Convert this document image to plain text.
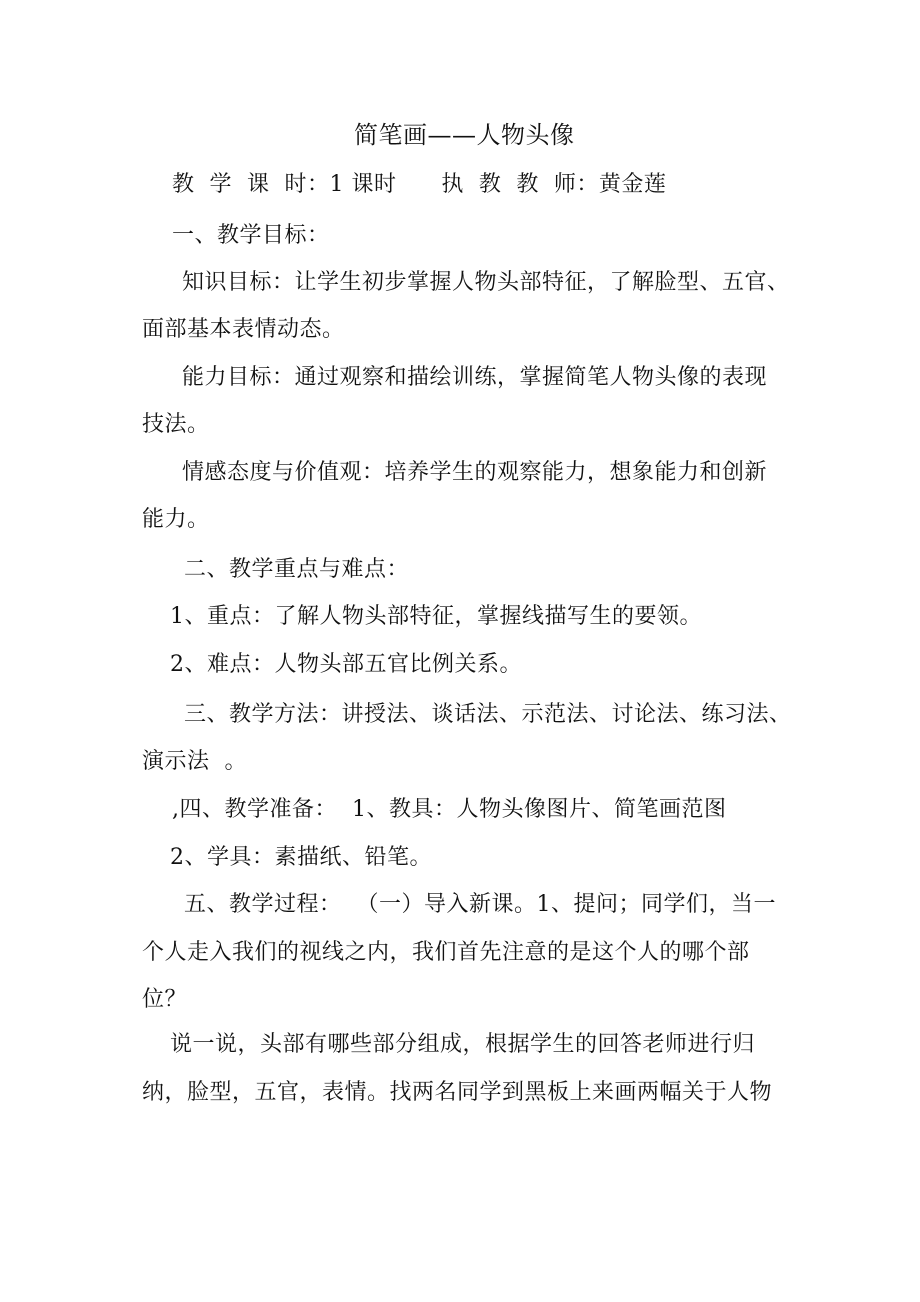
简笔画——人物头像
教  学  课  时：1 课时      执  教  教  师：黄金莲
一、教学目标：
知识目标：让学生初步掌握人物头部特征，了解脸型、五官、
面部基本表情动态。
能力目标：通过观察和描绘训练，掌握简笔人物头像的表现
技法。
情感态度与价值观：培养学生的观察能力，想象能力和创新
能力。
二、教学重点与难点：
1、重点：了解人物头部特征，掌握线描写生的要领。
2、难点：人物头部五官比例关系。
三、教学方法：讲授法、谈话法、示范法、讨论法、练习法、
演示法  。
,四、教学准备：  1、教具：人物头像图片、简笔画范图
2、学具：素描纸、铅笔。
五、教学过程：  （一）导入新课。1、提问；同学们，当一
个人走入我们的视线之内，我们首先注意的是这个人的哪个部
位？
说一说，头部有哪些部分组成，根据学生的回答老师进行归
纳，脸型，五官，表情。找两名同学到黑板上来画两幅关于人物
